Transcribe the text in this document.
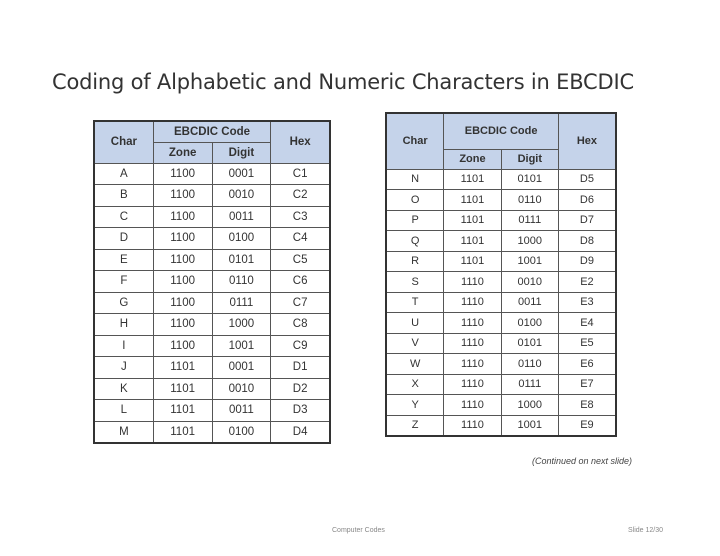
Coding of Alphabetic and Numeric Characters in EBCDIC
Char	EBCDIC Code		Hex
	Zone	Digit	
A	1100	0001	C1
B	1100	0010	C2
C	1100	0011	C3
D	1100	0100	C4
E	1100	0101	C5
F	1100	0110	C6
G	1100	0111	C7
H	1100	1000	C8
I	1100	1001	C9
J	1101	0001	D1
K	1101	0010	D2
L	1101	0011	D3
M	1101	0100	D4
Char	EBCDIC Code		Hex
	Zone	Digit	
N	1101	0101	D5
O	1101	0110	D6
P	1101	0111	D7
Q	1101	1000	D8
R	1101	1001	D9
S	1110	0010	E2
T	1110	0011	E3
U	1110	0100	E4
V	1110	0101	E5
W	1110	0110	E6
X	1110	0111	E7
Y	1110	1000	E8
Z	1110	1001	E9
(Continued on next slide)
Computer Codes	Slide 12/30
